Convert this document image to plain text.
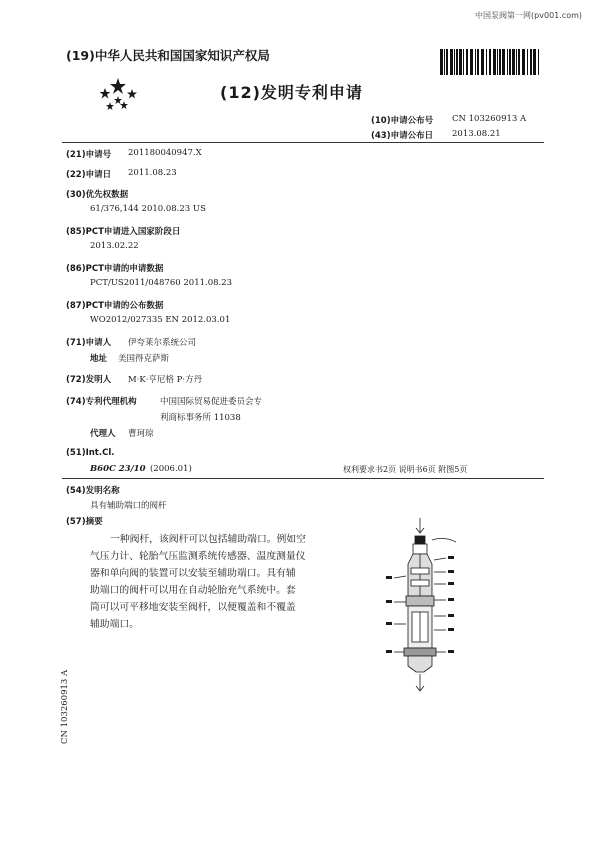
中国泵阀第一网(pv001.com)
(19)中华人民共和国国家知识产权局
(12)发明专利申请
(10)申请公布号 CN 103260913 A
(43)申请公布日 2013.08.21
(21)申请号 201180040947.X
(22)申请日 2011.08.23
(30)优先权数据
61/376,144 2010.08.23 US
(85)PCT申请进入国家阶段日
2013.02.22
(86)PCT申请的申请数据
PCT/US2011/048760 2011.08.23
(87)PCT申请的公布数据
WO2012/027335 EN 2012.03.01
(71)申请人 伊夸莱尔系统公司
地址 美国得克萨斯
(72)发明人 M·K·亨尼格 P·方丹
(74)专利代理机构	中国国际贸易促进委员会专
利商标事务所 11038
代理人 曹珂琼
(51)Int.Cl.
B60C 23/10 (2006.01)	权利要求书2页 说明书6页 附图5页
(54)发明名称
具有辅助端口的阀杆
(57)摘要

一种阀杆，该阀杆可以包括辅助端口。例如空

气压力计、轮胎气压监测系统传感器、温度测量仪

器和单向阀的装置可以安装至辅助端口。具有辅

助端口的阀杆可以用在自动轮胎充气系统中。套

筒可以可平移地安装至阀杆，以便覆盖和不覆盖

辅助端口。

CN 103260913 A
